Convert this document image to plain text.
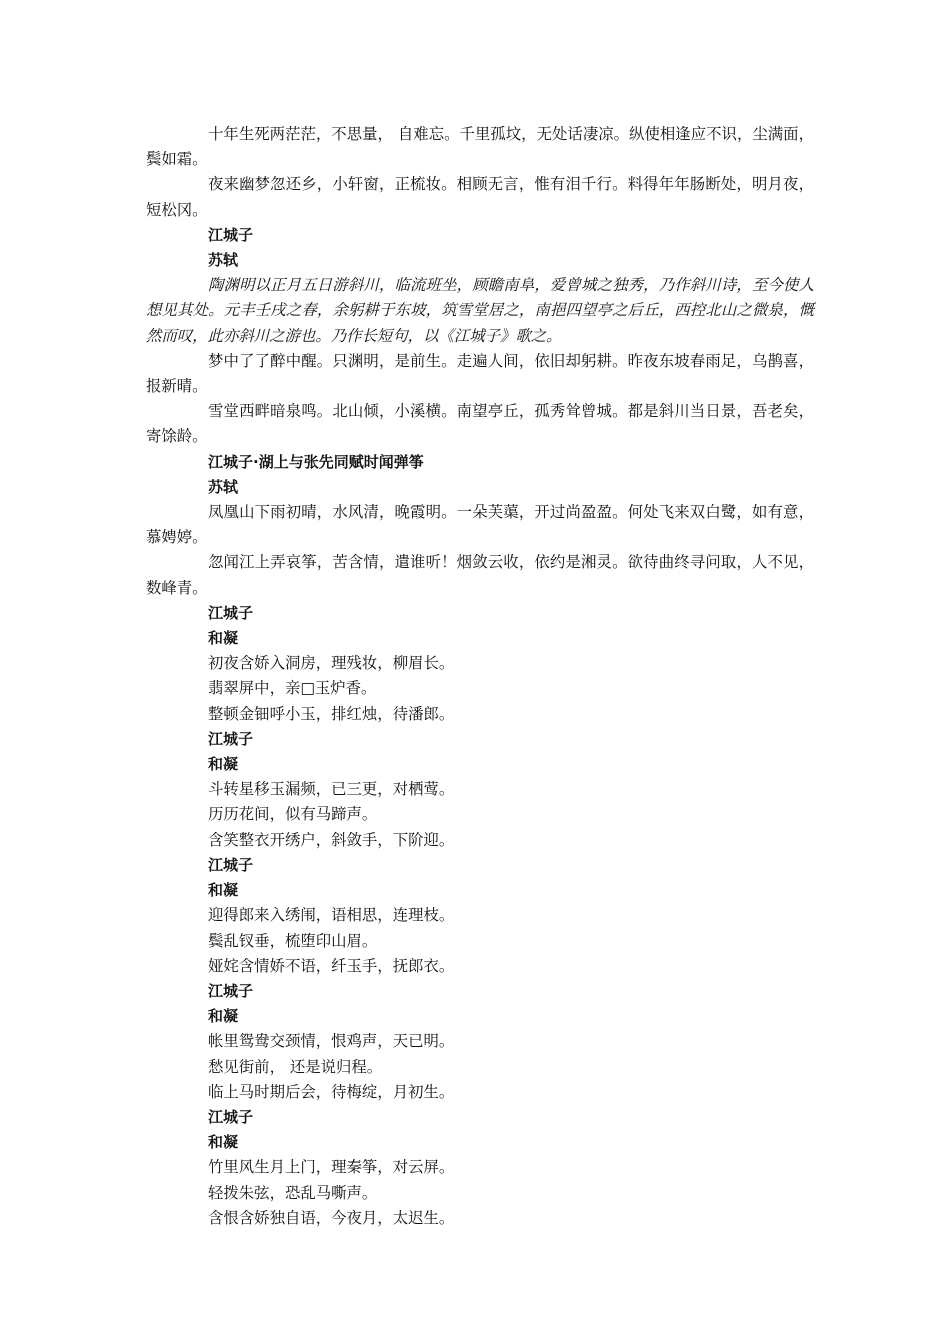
十年生死两茫茫，不思量， 自难忘。千里孤坟，无处话凄凉。纵使相逢应不识，尘满面，鬓如霜。

夜来幽梦忽还乡，小轩窗，正梳妆。相顾无言，惟有泪千行。料得年年肠断处，明月夜，短松冈。

江城子

苏轼

陶渊明以正月五日游斜川，临流班坐，顾瞻南阜，爱曾城之独秀，乃作斜川诗，至今使人想见其处。元丰壬戌之春，余躬耕于东坡，筑雪堂居之，南挹四望亭之后丘，西控北山之微泉，慨然而叹，此亦斜川之游也。乃作长短句，以《江城子》歌之。

梦中了了醉中醒。只渊明，是前生。走遍人间，依旧却躬耕。昨夜东坡春雨足，乌鹊喜，报新晴。

雪堂西畔暗泉鸣。北山倾，小溪横。南望亭丘，孤秀耸曾城。都是斜川当日景，吾老矣，寄馀龄。

江城子·湖上与张先同赋时闻弹筝

苏轼

凤凰山下雨初晴，水风清，晚霞明。一朵芙蕖，开过尚盈盈。何处飞来双白鹭，如有意，慕娉婷。

忽闻江上弄哀筝，苦含情，遣谁听！烟敛云收，依约是湘灵。欲待曲终寻问取，人不见，数峰青。

江城子

和凝

初夜含娇入洞房，理残妆，柳眉长。

翡翠屏中，亲□玉炉香。

整顿金钿呼小玉，排红烛，待潘郎。

江城子

和凝

斗转星移玉漏频，已三更，对栖莺。

历历花间，似有马蹄声。

含笑整衣开绣户，斜敛手，下阶迎。

江城子

和凝

迎得郎来入绣闱，语相思，连理枝。

鬓乱钗垂，梳堕印山眉。

娅姹含情娇不语，纤玉手，抚郎衣。

江城子

和凝

帐里鸳鸯交颈情，恨鸡声，天已明。

愁见街前， 还是说归程。

临上马时期后会，待梅绽，月初生。

江城子

和凝

竹里风生月上门，理秦筝，对云屏。

轻拨朱弦，恐乱马嘶声。

含恨含娇独自语，今夜月，太迟生。
